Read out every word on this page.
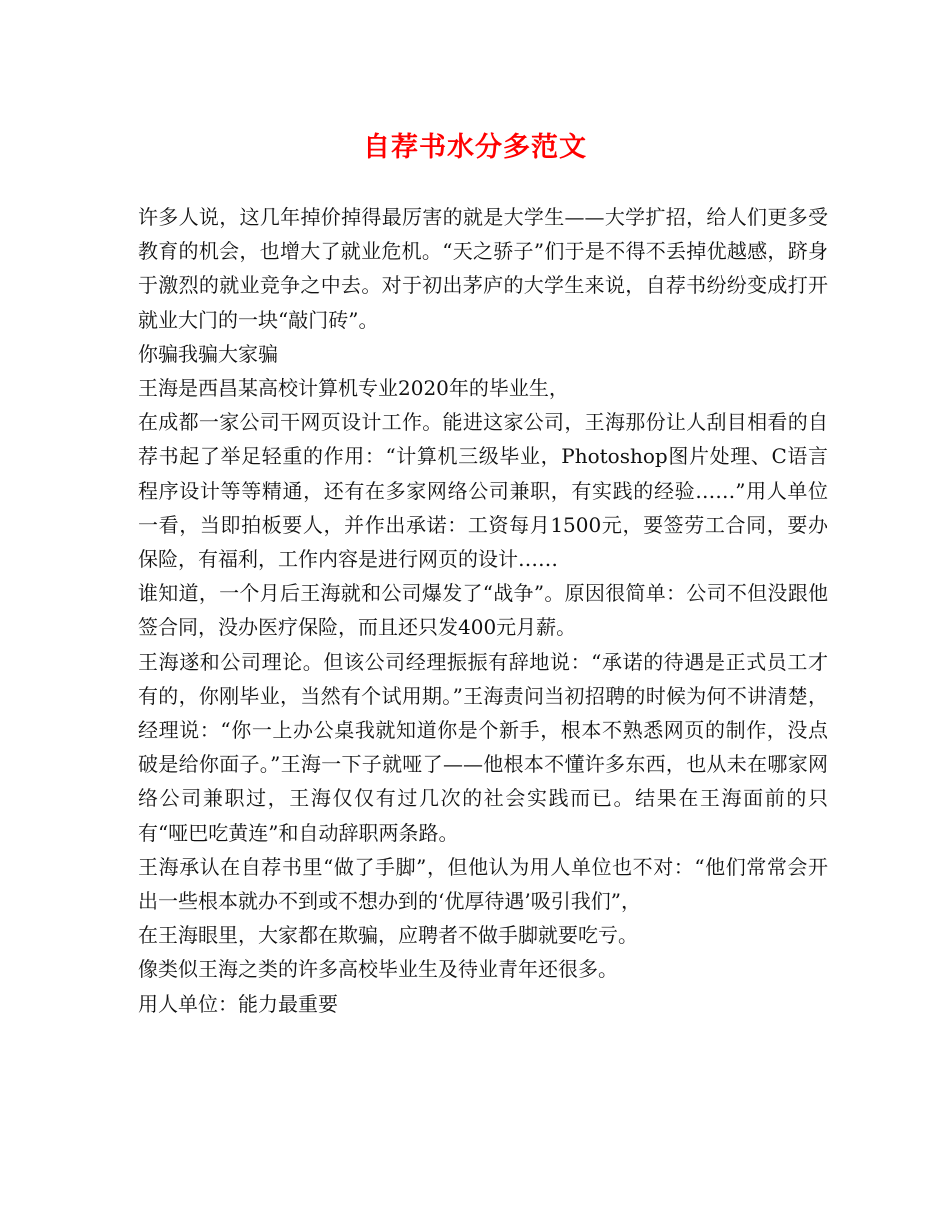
自荐书水分多范文

许多人说，这几年掉价掉得最厉害的就是大学生——大学扩招，给人们更多受教育的机会，也增大了就业危机。“天之骄子”们于是不得不丢掉优越感，跻身于激烈的就业竞争之中去。对于初出茅庐的大学生来说，自荐书纷纷变成打开就业大门的一块“敲门砖”。

你骗我骗大家骗

王海是西昌某高校计算机专业2020年的毕业生，

在成都一家公司干网页设计工作。能进这家公司，王海那份让人刮目相看的自荐书起了举足轻重的作用：“计算机三级毕业，Photoshop图片处理、C语言程序设计等等精通，还有在多家网络公司兼职，有实践的经验……”用人单位一看，当即拍板要人，并作出承诺：工资每月1500元，要签劳工合同，要办保险，有福利，工作内容是进行网页的设计……

谁知道，一个月后王海就和公司爆发了“战争”。原因很简单：公司不但没跟他签合同，没办医疗保险，而且还只发400元月薪。

王海遂和公司理论。但该公司经理振振有辞地说：“承诺的待遇是正式员工才有的，你刚毕业，当然有个试用期。”王海责问当初招聘的时候为何不讲清楚，经理说：“你一上办公桌我就知道你是个新手，根本不熟悉网页的制作，没点破是给你面子。”王海一下子就哑了——他根本不懂许多东西，也从未在哪家网络公司兼职过，王海仅仅有过几次的社会实践而已。结果在王海面前的只有“哑巴吃黄连”和自动辞职两条路。

王海承认在自荐书里“做了手脚”，但他认为用人单位也不对：“他们常常会开出一些根本就办不到或不想办到的‘优厚待遇’吸引我们”，

在王海眼里，大家都在欺骗，应聘者不做手脚就要吃亏。

像类似王海之类的许多高校毕业生及待业青年还很多。

用人单位：能力最重要
